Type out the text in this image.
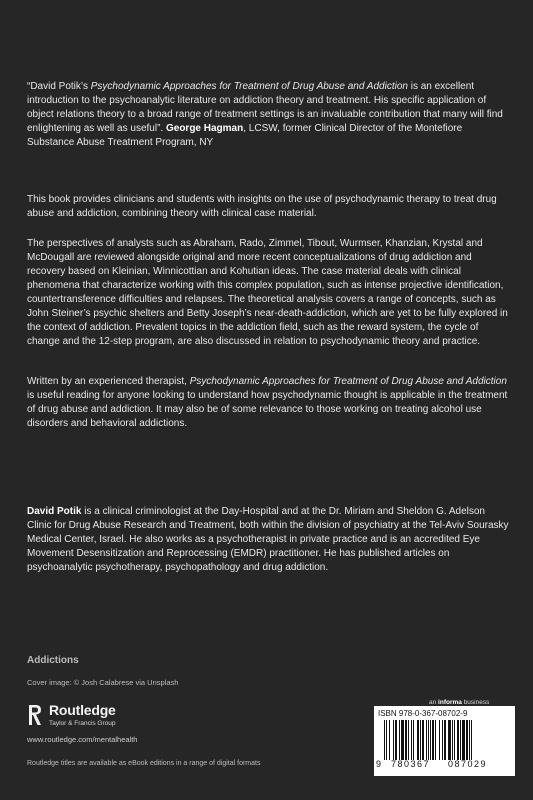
“David Potik’s Psychodynamic Approaches for Treatment of Drug Abuse and Addiction is an excellent introduction to the psychoanalytic literature on addiction theory and treatment. His specific application of object relations theory to a broad range of treatment settings is an invaluable contribution that many will find enlightening as well as useful”. George Hagman, LCSW, former Clinical Director of the Montefiore Substance Abuse Treatment Program, NY
This book provides clinicians and students with insights on the use of psychodynamic therapy to treat drug abuse and addiction, combining theory with clinical case material.
The perspectives of analysts such as Abraham, Rado, Zimmel, Tibout, Wurmser, Khanzian, Krystal and McDougall are reviewed alongside original and more recent conceptualizations of drug addiction and recovery based on Kleinian, Winnicottian and Kohutian ideas. The case material deals with clinical phenomena that characterize working with this complex population, such as intense projective identification, countertransference difficulties and relapses. The theoretical analysis covers a range of concepts, such as John Steiner’s psychic shelters and Betty Joseph’s near-death-addiction, which are yet to be fully explored in the context of addiction. Prevalent topics in the addiction field, such as the reward system, the cycle of change and the 12-step program, are also discussed in relation to psychodynamic theory and practice.
Written by an experienced therapist, Psychodynamic Approaches for Treatment of Drug Abuse and Addiction is useful reading for anyone looking to understand how psychodynamic thought is applicable in the treatment of drug abuse and addiction. It may also be of some relevance to those working on treating alcohol use disorders and behavioral addictions.
David Potik is a clinical criminologist at the Day-Hospital and at the Dr. Miriam and Sheldon G. Adelson Clinic for Drug Abuse Research and Treatment, both within the division of psychiatry at the Tel-Aviv Sourasky Medical Center, Israel. He also works as a psychotherapist in private practice and is an accredited Eye Movement Desensitization and Reprocessing (EMDR) practitioner. He has published articles on psychoanalytic psychotherapy, psychopathology and drug addiction.
Addictions
Cover image: © Josh Calabrese via Unsplash
Routledge
Taylor & Francis Group
www.routledge.com/mentalhealth
an informa business
ISBN 978-0-367-08702-9
9 780367 087029
Routledge titles are available as eBook editions in a range of digital formats
